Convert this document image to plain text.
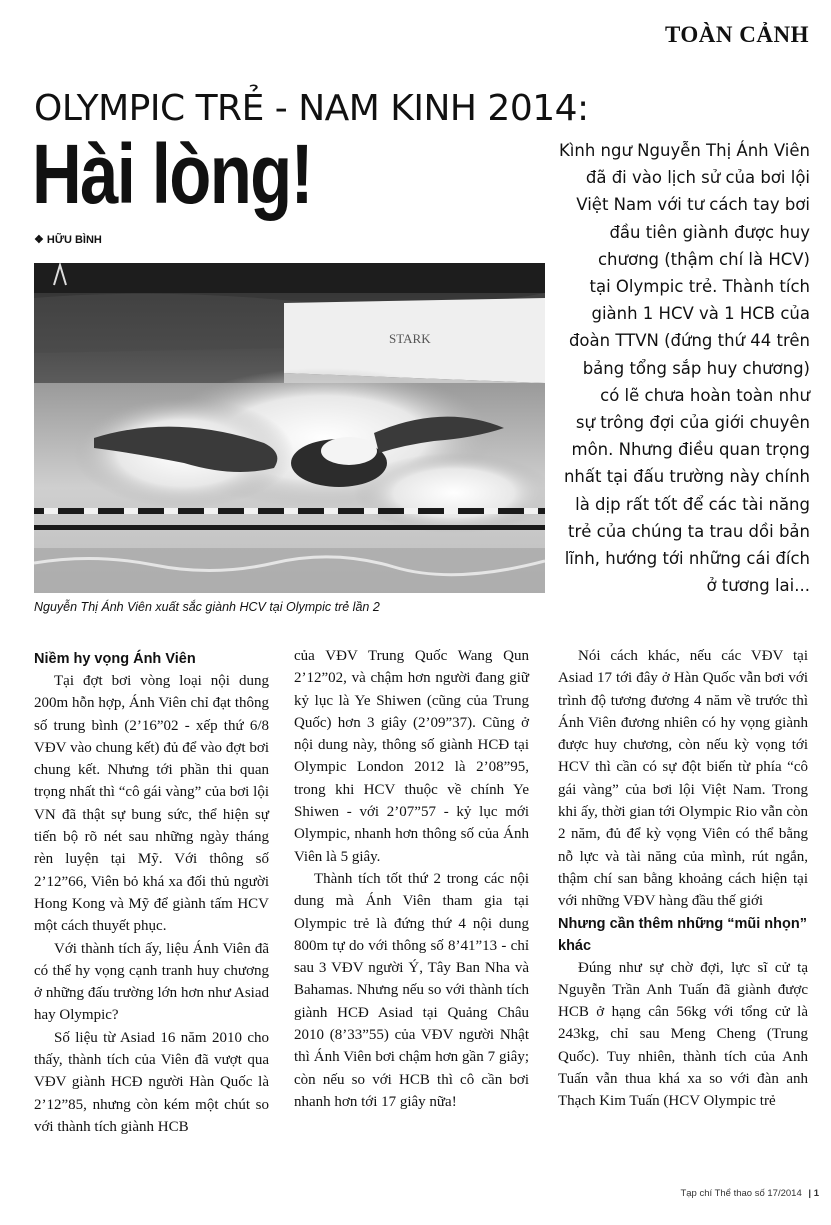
TOÀN CẢNH
OLYMPIC TRẺ - NAM KINH 2014:
Hài lòng!
❖ HỮU BÌNH
STARK
Nguyễn Thị Ánh Viên xuất sắc giành HCV tại Olympic trẻ lần 2
Kình ngư Nguyễn Thị Ánh Viên
đã đi vào lịch sử của bơi lội
Việt Nam với tư cách tay bơi
đầu tiên giành được huy
chương (thậm chí là HCV)
tại Olympic trẻ. Thành tích
giành 1 HCV và 1 HCB của
đoàn TTVN (đứng thứ 44 trên
bảng tổng sắp huy chương)
có lẽ chưa hoàn toàn như
sự trông đợi của giới chuyên
môn. Nhưng điều quan trọng
nhất tại đấu trường này chính
là dịp rất tốt để các tài năng
trẻ của chúng ta trau dồi bản
lĩnh, hướng tới những cái đích
ở tương lai...
Niềm hy vọng Ánh Viên

Tại đợt bơi vòng loại nội dung 200m hỗn hợp, Ánh Viên chỉ đạt thông số trung bình (2’16”02 - xếp thứ 6/8 VĐV vào chung kết) đủ để vào đợt bơi chung kết. Nhưng tới phần thi quan trọng nhất thì “cô gái vàng” của bơi lội VN đã thật sự bung sức, thể hiện sự tiến bộ rõ nét sau những ngày tháng rèn luyện tại Mỹ. Với thông số 2’12”66, Viên bỏ khá xa đối thủ người Hong Kong và Mỹ để giành tấm HCV một cách thuyết phục.

Với thành tích ấy, liệu Ánh Viên đã có thể hy vọng cạnh tranh huy chương ở những đấu trường lớn hơn như Asiad hay Olympic?

Số liệu từ Asiad 16 năm 2010 cho thấy, thành tích của Viên đã vượt qua VĐV giành HCĐ người Hàn Quốc là 2’12”85, nhưng còn kém một chút so với thành tích giành HCB

của VĐV Trung Quốc Wang Qun 2’12”02, và chậm hơn người đang giữ kỷ lục là Ye Shiwen (cũng của Trung Quốc) hơn 3 giây (2’09”37). Cũng ở nội dung này, thông số giành HCĐ tại Olympic London 2012 là 2’08”95, trong khi HCV thuộc về chính Ye Shiwen - với 2’07”57 - kỷ lục mới Olympic, nhanh hơn thông số của Ánh Viên là 5 giây.

Thành tích tốt thứ 2 trong các nội dung mà Ánh Viên tham gia tại Olympic trẻ là đứng thứ 4 nội dung 800m tự do với thông số 8’41”13 - chỉ sau 3 VĐV người Ý, Tây Ban Nha và Bahamas. Nhưng nếu so với thành tích giành HCĐ Asiad tại Quảng Châu 2010 (8’33”55) của VĐV người Nhật thì Ánh Viên bơi chậm hơn gần 7 giây; còn nếu so với HCB thì cô cần bơi nhanh hơn tới 17 giây nữa!

Nói cách khác, nếu các VĐV tại Asiad 17 tới đây ở Hàn Quốc vẫn bơi với trình độ tương đương 4 năm về trước thì Ánh Viên đương nhiên có hy vọng giành được huy chương, còn nếu kỳ vọng tới HCV thì cần có sự đột biến từ phía “cô gái vàng” của bơi lội Việt Nam. Trong khi ấy, thời gian tới Olympic Rio vẫn còn 2 năm, đủ để kỳ vọng Viên có thể bằng nỗ lực và tài năng của mình, rút ngắn, thậm chí san bằng khoảng cách hiện tại với những VĐV hàng đầu thế giới

Nhưng cần thêm những “mũi nhọn” khác

Đúng như sự chờ đợi, lực sĩ cử tạ Nguyễn Trần Anh Tuấn đã giành được HCB ở hạng cân 56kg với tổng cử là 243kg, chỉ sau Meng Cheng (Trung Quốc). Tuy nhiên, thành tích của Anh Tuấn vẫn thua khá xa so với đàn anh Thạch Kim Tuấn (HCV Olympic trẻ

Tạp chí Thể thao số 17/2014 | 1
